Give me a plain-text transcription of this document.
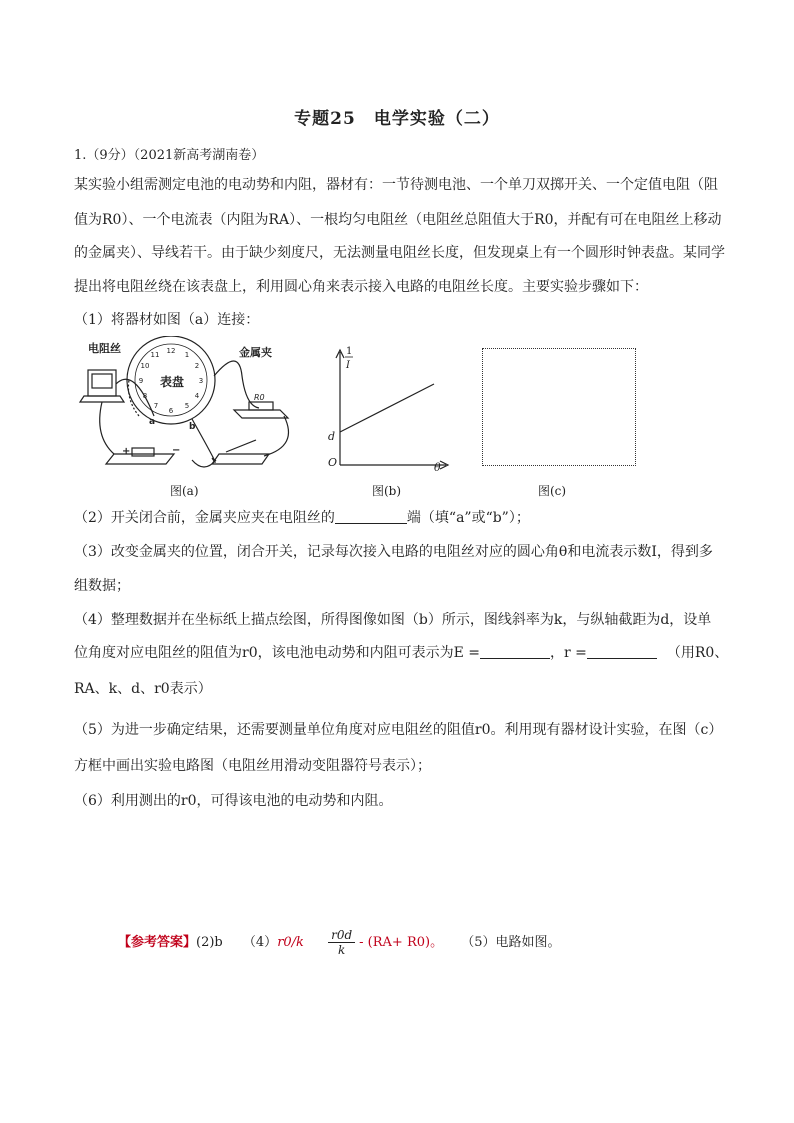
专题25　电学实验（二）
1.（9分）（2021新高考湖南卷）
某实验小组需测定电池的电动势和内阻，器材有：一节待测电池、一个单刀双掷开关、一个定值电阻（阻
值为R0）、一个电流表（内阻为RA）、一根均匀电阻丝（电阻丝总阻值大于R0，并配有可在电阻丝上移动
的金属夹）、导线若干。由于缺少刻度尺，无法测量电阻丝长度，但发现桌上有一个圆形时钟表盘。某同学
提出将电阻丝绕在该表盘上，利用圆心角来表示接入电路的电阻丝长度。主要实验步骤如下：
（1）将器材如图（a）连接：
12 1
2
3
4
5
6
7
8
9
10
11
表盘
电阻丝	金属夹
R0
a	b
+	−
图(a)
1
I
d
O	θ
图(b)	图(c)
（2）开关闭合前，金属夹应夹在电阻丝的	端（填“a”或“b”）；
（3）改变金属夹的位置，闭合开关，记录每次接入电路的电阻丝对应的圆心角θ和电流表示数I，得到多
组数据；
（4）整理数据并在坐标纸上描点绘图，所得图像如图（b）所示，图线斜率为k，与纵轴截距为d，设单
位角度对应电阻丝的阻值为r0，该电池电动势和内阻可表示为E =	，r =	（用R0、
RA、k、d、r0表示）
（5）为进一步确定结果，还需要测量单位角度对应电阻丝的阻值r0。利用现有器材设计实验，在图（c）
方框中画出实验电路图（电阻丝用滑动变阻器符号表示）；
（6）利用测出的r0，可得该电池的电动势和内阻。
【参考答案】(2)b $(4)r0/k \frac{r0d}{k} - (RA+ R0)$。 （5）电路如图。
